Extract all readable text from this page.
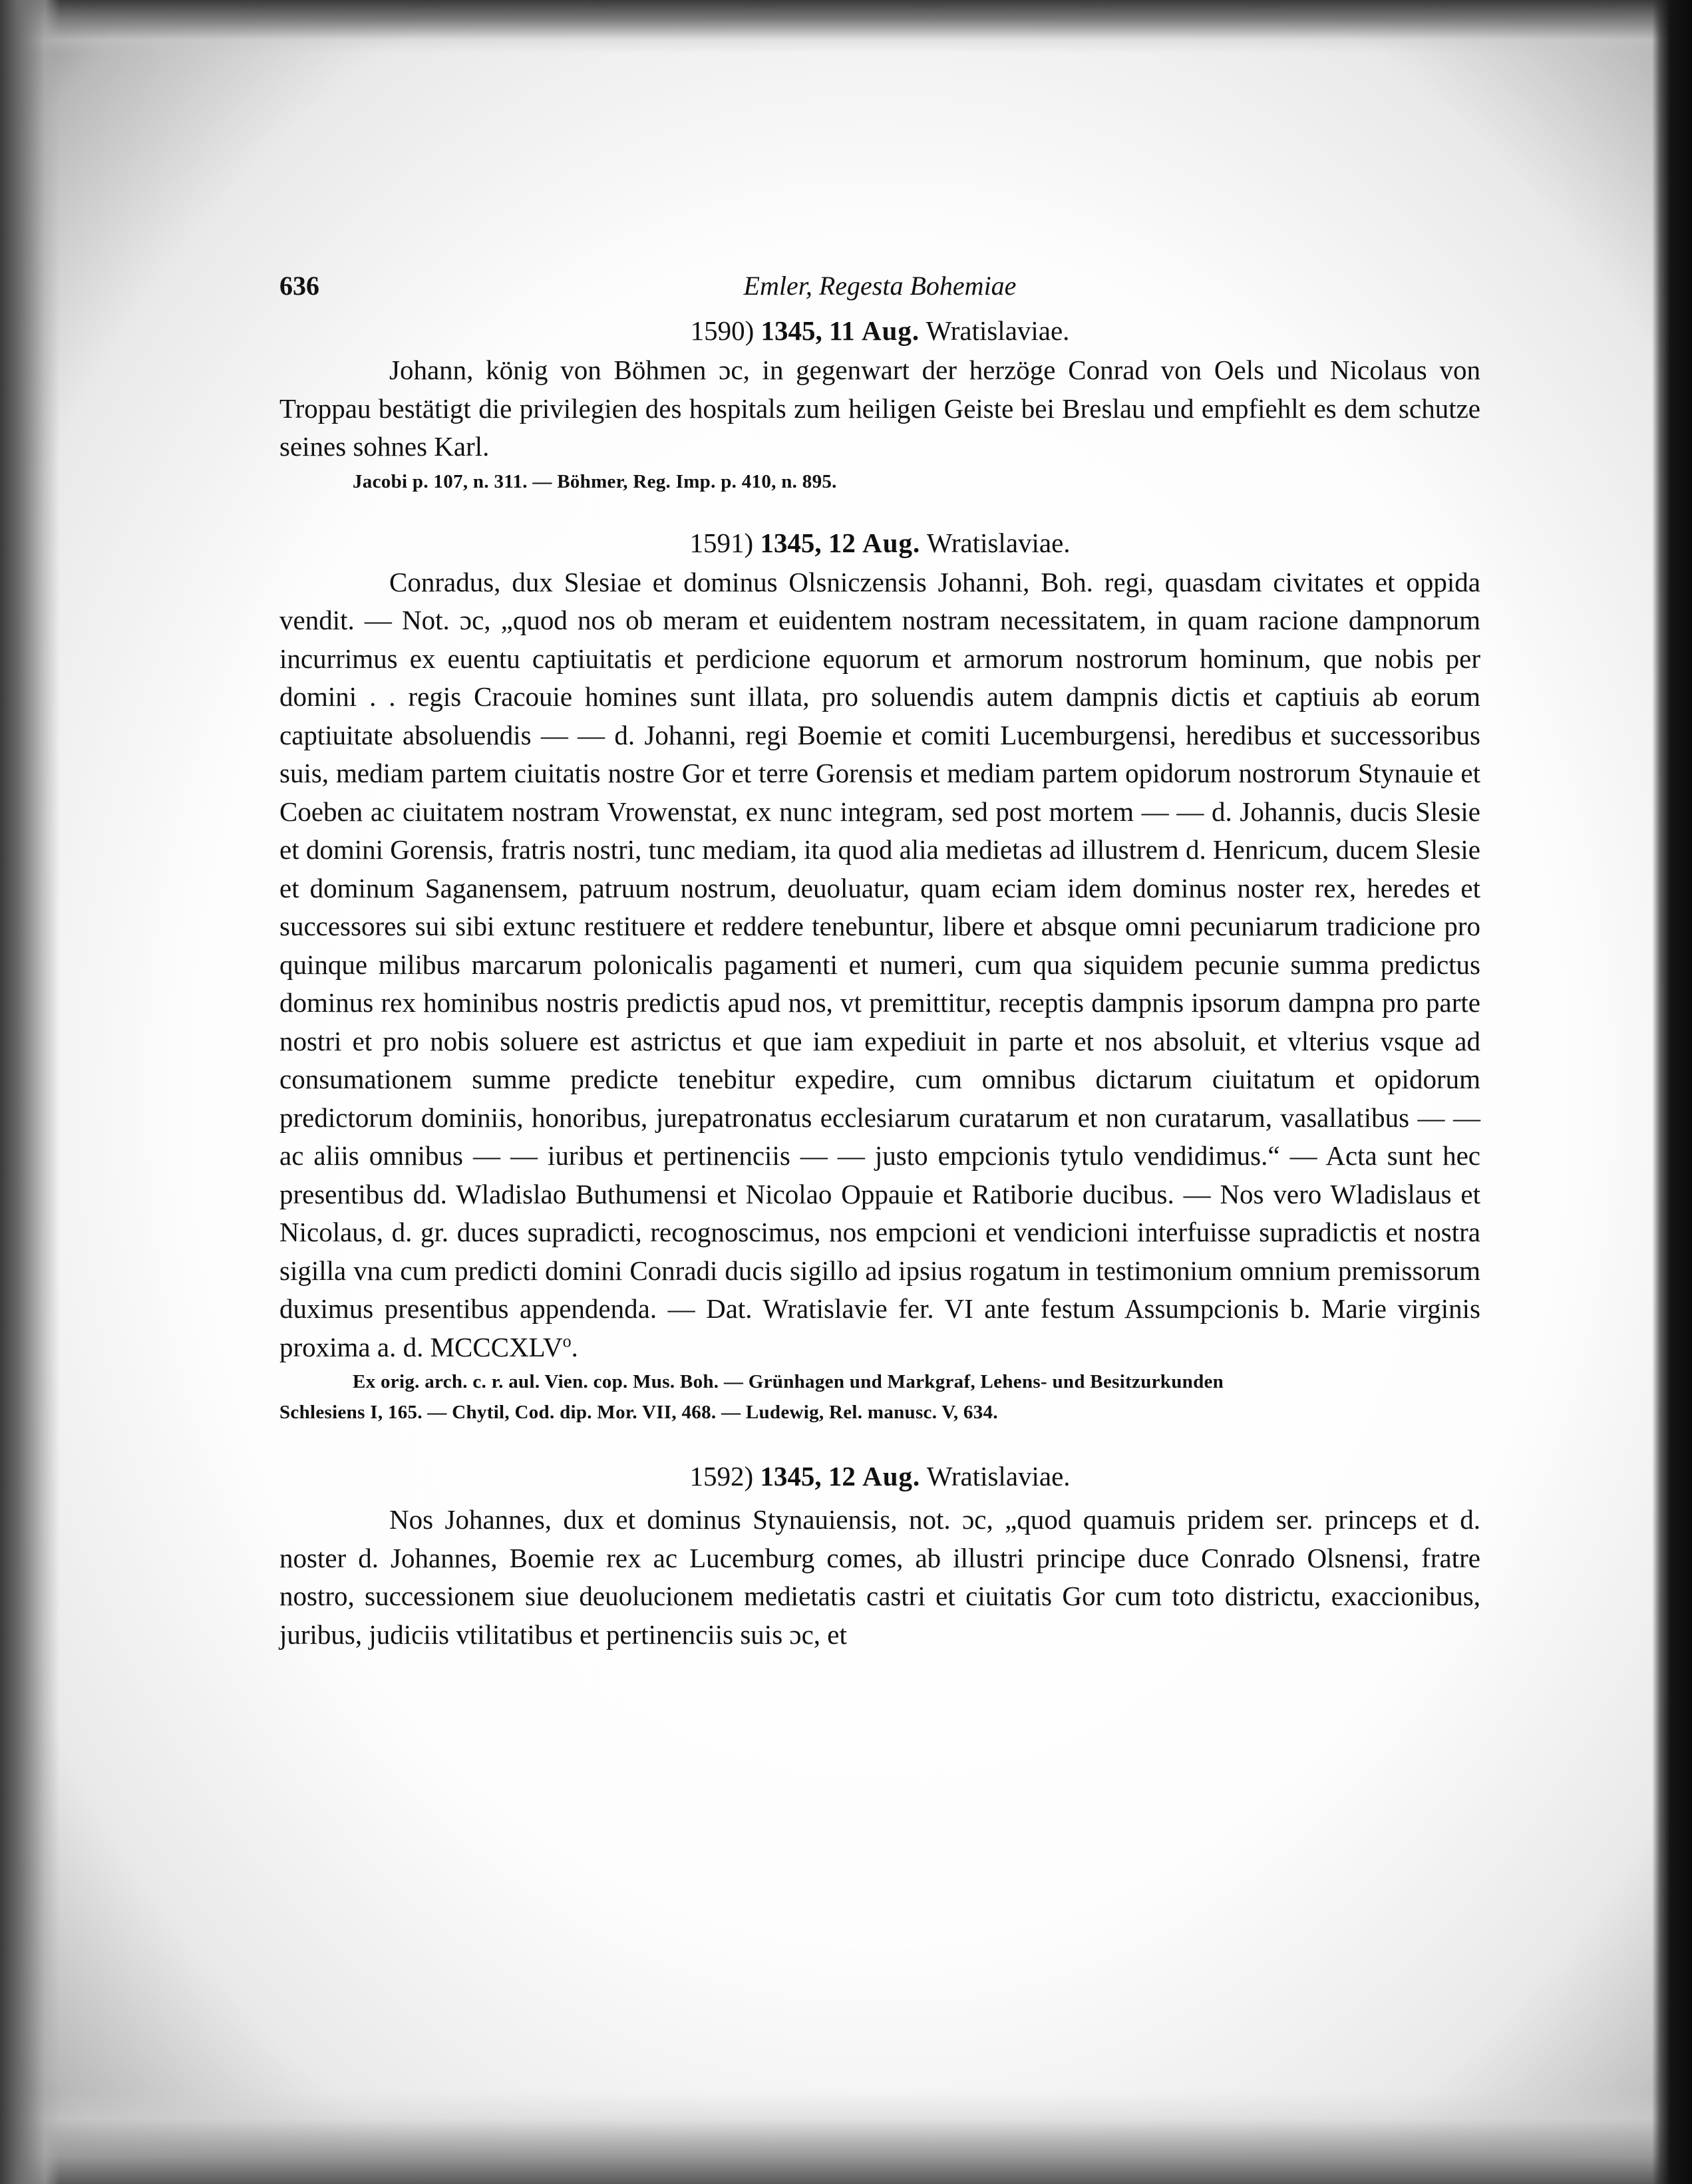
636	Emler, Regesta Bohemiae

1590) 1345, 11 Aug. Wratislaviae.

Johann, könig von Böhmen ɔc, in gegenwart der herzöge Conrad von Oels und Nicolaus von Troppau bestätigt die privilegien des hospitals zum heiligen Geiste bei Breslau und empfiehlt es dem schutze seines sohnes Karl.

Jacobi p. 107, n. 311. — Böhmer, Reg. Imp. p. 410, n. 895.

1591) 1345, 12 Aug. Wratislaviae.

Conradus, dux Slesiae et dominus Olsniczensis Johanni, Boh. regi, quasdam civitates et oppida vendit. — Not. ɔc, „quod nos ob meram et euidentem nostram necessitatem, in quam racione dampnorum incurrimus ex euentu captiuitatis et perdicione equorum et armorum nostrorum hominum, que nobis per domini . . regis Cracouie homines sunt illata, pro soluendis autem dampnis dictis et captiuis ab eorum captiuitate absoluendis — — d. Johanni, regi Boemie et comiti Lucemburgensi, heredibus et successoribus suis, mediam partem ciuitatis nostre Gor et terre Gorensis et mediam partem opidorum nostrorum Stynauie et Coeben ac ciuitatem nostram Vrowenstat, ex nunc integram, sed post mortem — — d. Johannis, ducis Slesie et domini Gorensis, fratris nostri, tunc mediam, ita quod alia medietas ad illustrem d. Henricum, ducem Slesie et dominum Saganensem, patruum nostrum, deuoluatur, quam eciam idem dominus noster rex, heredes et successores sui sibi extunc restituere et reddere tenebuntur, libere et absque omni pecuniarum tradicione pro quinque milibus marcarum polonicalis pagamenti et numeri, cum qua siquidem pecunie summa predictus dominus rex hominibus nostris predictis apud nos, vt premittitur, receptis dampnis ipsorum dampna pro parte nostri et pro nobis soluere est astrictus et que iam expediuit in parte et nos absoluit, et vlterius vsque ad consumationem summe predicte tenebitur expedire, cum omnibus dictarum ciuitatum et opidorum predictorum dominiis, honoribus, jurepatronatus ecclesiarum curatarum et non curatarum, vasallatibus — — ac aliis omnibus — — iuribus et pertinenciis — — justo empcionis tytulo vendidimus.“ — Acta sunt hec presentibus dd. Wladislao Buthumensi et Nicolao Oppauie et Ratiborie ducibus. — Nos vero Wladislaus et Nicolaus, d. gr. duces supradicti, recognoscimus, nos empcioni et vendicioni interfuisse supradictis et nostra sigilla vna cum predicti domini Conradi ducis sigillo ad ipsius rogatum in testimonium omnium premissorum duximus presentibus appendenda. — Dat. Wratislavie fer. VI ante festum Assumpcionis b. Marie virginis proxima a. d. MCCCXLV$^o$.

Ex orig. arch. c. r. aul. Vien. cop. Mus. Boh. — Grünhagen und Markgraf, Lehens- und Besitzurkunden
Schlesiens I, 165. — Chytil, Cod. dip. Mor. VII, 468. — Ludewig, Rel. manusc. V, 634.

1592) 1345, 12 Aug. Wratislaviae.

Nos Johannes, dux et dominus Stynauiensis, not. ɔc, „quod quamuis pridem ser. princeps et d. noster d. Johannes, Boemie rex ac Lucemburg comes, ab illustri principe duce Conrado Olsnensi, fratre nostro, successionem siue deuolucionem medietatis castri et ciuitatis Gor cum toto districtu, exaccionibus, juribus, judiciis vtilitatibus et pertinenciis suis ɔc, et
